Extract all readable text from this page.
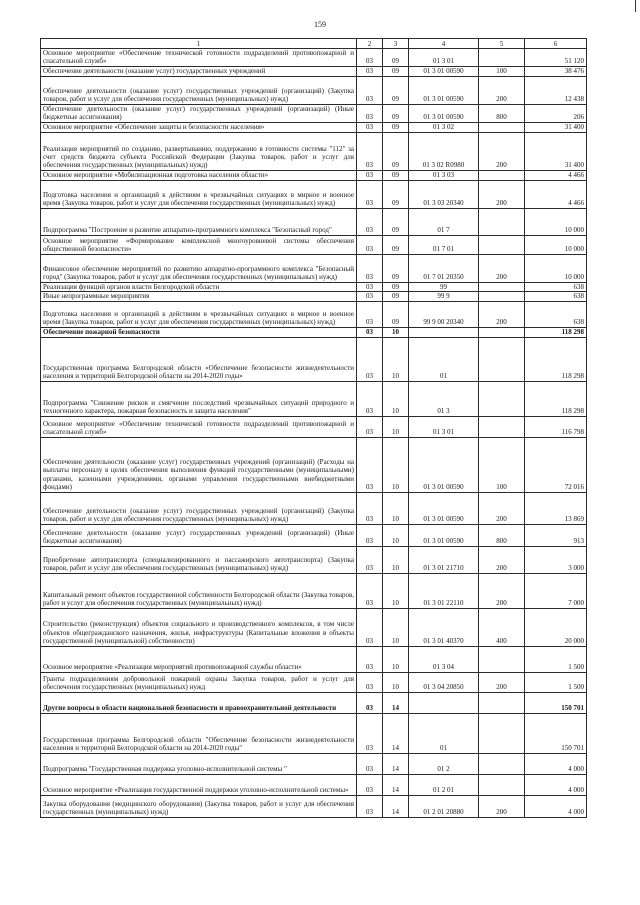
159
1	2	3	4	5	6
Основное мероприятие «Обеспечение технической готовности подразделений противопожарной и спасательной служб»	03	09	01 3 01		51 120
Обеспечение деятельности (оказание услуг) государственных учреждений	03	09	01 3 01 00590	100	38 476
Обеспечение деятельности (оказание услуг) государственных учреждений (организаций) (Закупка товаров, работ и услуг для обеспечения государственных (муниципальных) нужд)	03	09	01 3 01 00590	200	12 438
Обеспечение деятельности (оказание услуг) государственных учреждений (организаций) (Иные бюджетные ассигнования)	03	09	01 3 01 00590	800	206
Основное мероприятие «Обеспечение защиты и безопасности населения»	03	09	01 3 02		31 400
Реализация мероприятий по созданию, развертыванию, поддержанию в готовности системы "112" за счет средств бюджета субъекта Российской Федерации (Закупка товаров, работ и услуг для обеспечения государственных (муниципальных) нужд)	03	09	01 3 02 R0980	200	31 400
Основное мероприятие «Мобилизационная подготовка населения области»	03	09	01 3 03		4 466
Подготовка населения и организаций к действиям в чрезвычайных ситуациях в мирное и военное время (Закупка товаров, работ и услуг для обеспечения государственных (муниципальных) нужд)	03	09	01 3 03 20340	200	4 466
Подпрограмма "Построение и развитие аппаратно-программного комплекса "Безопасный город"	03	09	01 7		10 000
Основное мероприятие «Формирование комплексной многоуровневой системы обеспечения общественной безопасности»	03	09	01 7 01		10 000
Финансовое обеспечение мероприятий по развитию аппаратно-программного комплекса "Безопасный город" (Закупка товаров, работ и услуг для обеспечения государственных (муниципальных) нужд)	03	09	01 7 01 20350	200	10 000
Реализация функций органов власти Белгородской области	03	09	99		638
Иные непрограммные мероприятия	03	09	99 9		638
Подготовка населения и организаций к действиям в чрезвычайных ситуациях в мирное и военное время (Закупка товаров, работ и услуг для обеспечения государственных (муниципальных) нужд)	03	09	99 9 00 20340	200	638
Обеспечение пожарной безопасности	03	10			118 298
Государственная программа Белгородской области «Обеспечение безопасности жизнедеятельности населения и территорий Белгородской области на 2014-2020 годы»	03	10	01		118 298
Подпрограмма "Снижение рисков и смягчение последствий чрезвычайных ситуаций природного и техногенного характера, пожарная безопасность и защита населения"	03	10	01 3		118 298
Основное мероприятие «Обеспечение технической готовности подразделений противопожарной и спасательной служб»	03	10	01 3 01		116 798
Обеспечение деятельности (оказание услуг) государственных учреждений (организаций) (Расходы на выплаты персоналу в целях обеспечения выполнения функций государственными (муниципальными) органами, казенными учреждениями, органами управления государственными внебюджетными фондами)	03	10	01 3 01 00590	100	72 016
Обеспечение деятельности (оказание услуг) государственных учреждений (организаций) (Закупка товаров, работ и услуг для обеспечения государственных (муниципальных) нужд)	03	10	01 3 01 00590	200	13 869
Обеспечение деятельности (оказание услуг) государственных учреждений (организаций) (Иные бюджетные ассигнования)	03	10	01 3 01 00590	800	913
Приобретение автотранспорта (специализированного и пассажирского автотранспорта) (Закупка товаров, работ и услуг для обеспечения государственных (муниципальных) нужд)	03	10	01 3 01 21710	200	3 000
Капитальный ремонт объектов государственной собственности Белгородской области (Закупка товаров, работ и услуг для обеспечения государственных (муниципальных) нужд)	03	10	01 3 01 22110	200	7 000
Строительство (реконструкция) объектов социального и производственного комплексов, в том числе объектов общегражданского назначения, жилья, инфраструктуры (Капитальные вложения в объекты государственной (муниципальной) собственности)	03	10	01 3 01 40370	400	20 000
Основное мероприятие «Реализация мероприятий противопожарной службы области»	03	10	01 3 04		1 500
Гранты подразделениям добровольной пожарной охраны Закупка товаров, работ и услуг для обеспечения государственных (муниципальных) нужд	03	10	01 3 04 20850	200	1 500
Другие вопросы в области национальной безопасности и правоохранительной деятельности	03	14			150 701
Государственная программа Белгородской области "Обеспечение безопасности жизнедеятельности населения и территорий Белгородской области на 2014-2020 годы"	03	14	01		150 701
Подпрограмма "Государственная поддержка уголовно-исполнительной системы "	03	14	01 2		4 000
Основное мероприятие «Реализация государственной поддержки уголовно-исполнительной системы»	03	14	01 2 01		4 000
Закупка оборудования (медицинского оборудования) (Закупка товаров, работ и услуг для обеспечения государственных (муниципальных) нужд)	03	14	01 2 01 20880	200	4 000
